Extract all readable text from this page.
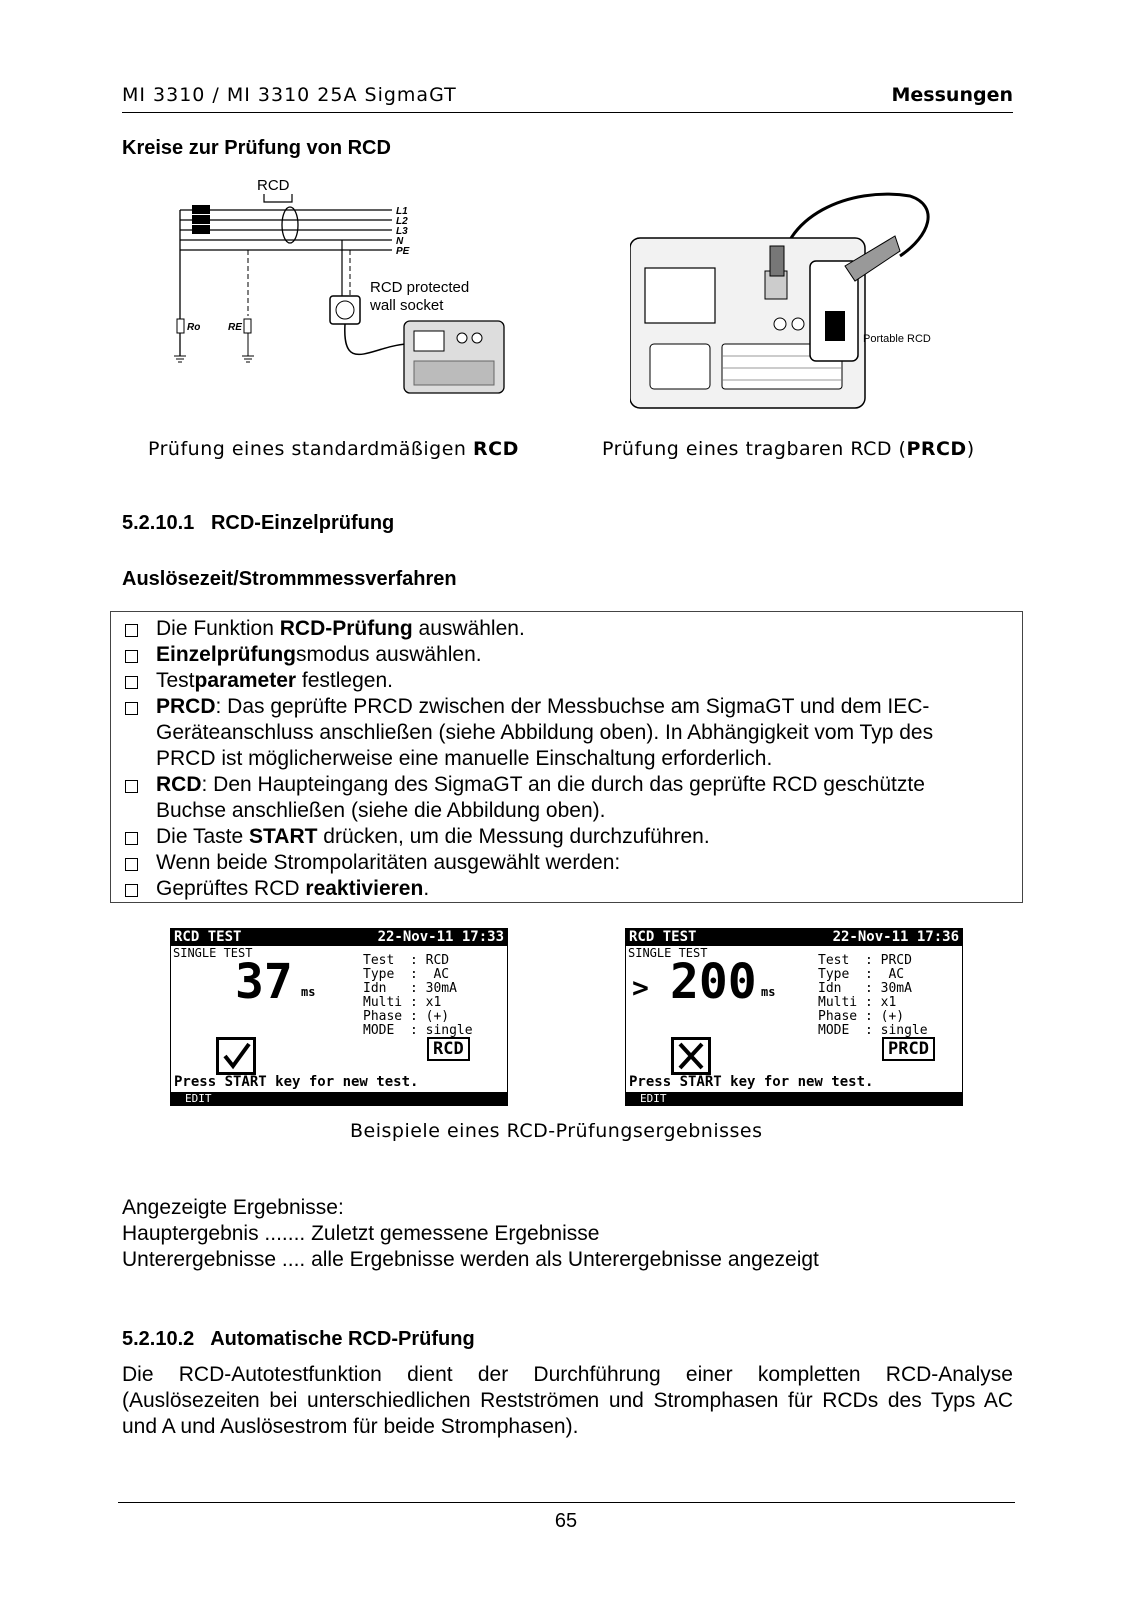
MI 3310 / MI 3310 25A SigmaGT	Messungen
Kreise zur Prüfung von RCD
RCD
L1
L2
L3
N
PE
Ro	RE
RCD protected
wall socket
Portable RCD
Prüfung eines standardmäßigen RCD	Prüfung eines tragbaren RCD (PRCD)
5.2.10.1   RCD-Einzelprüfung
Auslösezeit/Strommmessverfahren
Die Funktion RCD-Prüfung auswählen.
Einzelprüfungsmodus auswählen.
Testparameter festlegen.
PRCD: Das geprüfte PRCD zwischen der Messbuchse am SigmaGT und dem IEC-
Geräteanschluss anschließen (siehe Abbildung oben). In Abhängigkeit vom Typ des
PRCD ist möglicherweise eine manuelle Einschaltung erforderlich.
RCD: Den Haupteingang des SigmaGT an die durch das geprüfte RCD geschützte
Buchse anschließen (siehe die Abbildung oben).
Die Taste START drücken, um die Messung durchzuführen.
Wenn beide Strompolaritäten ausgewählt werden:
Geprüftes RCD reaktivieren.
RCD TEST	22-Nov-11 17:33
SINGLE TEST
37 ms
Test  : RCD
Type  :  AC
Idn   : 30mA
Multi : x1
Phase : (+)
MODE  : single
RCD
Press START key for new test.
EDIT
RCD TEST	22-Nov-11 17:36
SINGLE TEST
> 200 ms
Test  : PRCD
Type  :  AC
Idn   : 30mA
Multi : x1
Phase : (+)
MODE  : single
PRCD
Press START key for new test.
EDIT
Beispiele eines RCD-Prüfungsergebnisses
Angezeigte Ergebnisse:
Hauptergebnis ....... Zuletzt gemessene Ergebnisse
Unterergebnisse .... alle Ergebnisse werden als Unterergebnisse angezeigt
5.2.10.2   Automatische RCD-Prüfung
Die RCD-Autotestfunktion dient der Durchführung einer kompletten RCD-Analyse (Auslösezeiten bei unterschiedlichen Restströmen und Stromphasen für RCDs des Typs AC und A und Auslösestrom für beide Stromphasen).
65
